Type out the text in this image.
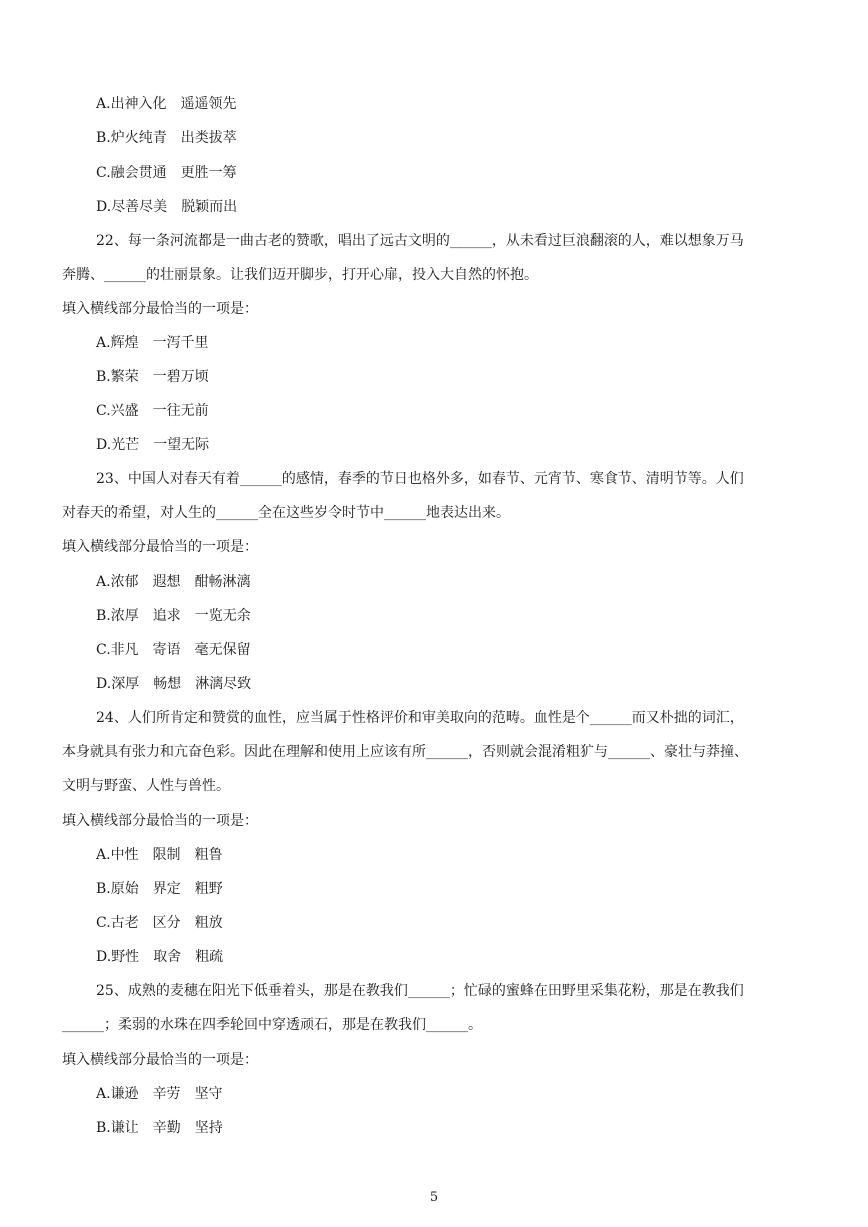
A.出神入化 遥遥领先
B.炉火纯青 出类拔萃
C.融会贯通 更胜一筹
D.尽善尽美 脱颖而出
22、每一条河流都是一曲古老的赞歌，唱出了远古文明的______，从未看过巨浪翻滚的人，难以想象万马
奔腾、______的壮丽景象。让我们迈开脚步，打开心扉，投入大自然的怀抱。
填入横线部分最恰当的一项是：
A.辉煌 一泻千里
B.繁荣 一碧万顷
C.兴盛 一往无前
D.光芒 一望无际
23、中国人对春天有着______的感情，春季的节日也格外多，如春节、元宵节、寒食节、清明节等。人们
对春天的希望，对人生的______全在这些岁令时节中______地表达出来。
填入横线部分最恰当的一项是：
A.浓郁 遐想 酣畅淋漓
B.浓厚 追求 一览无余
C.非凡 寄语 毫无保留
D.深厚 畅想 淋漓尽致
24、人们所肯定和赞赏的血性，应当属于性格评价和审美取向的范畴。血性是个______而又朴拙的词汇，
本身就具有张力和亢奋色彩。因此在理解和使用上应该有所______，否则就会混淆粗犷与______、豪壮与莽撞、
文明与野蛮、人性与兽性。
填入横线部分最恰当的一项是：
A.中性 限制 粗鲁
B.原始 界定 粗野
C.古老 区分 粗放
D.野性 取舍 粗疏
25、成熟的麦穗在阳光下低垂着头，那是在教我们______；忙碌的蜜蜂在田野里采集花粉，那是在教我们
______；柔弱的水珠在四季轮回中穿透顽石，那是在教我们______。
填入横线部分最恰当的一项是：
A.谦逊 辛劳 坚守
B.谦让 辛勤 坚持
5
